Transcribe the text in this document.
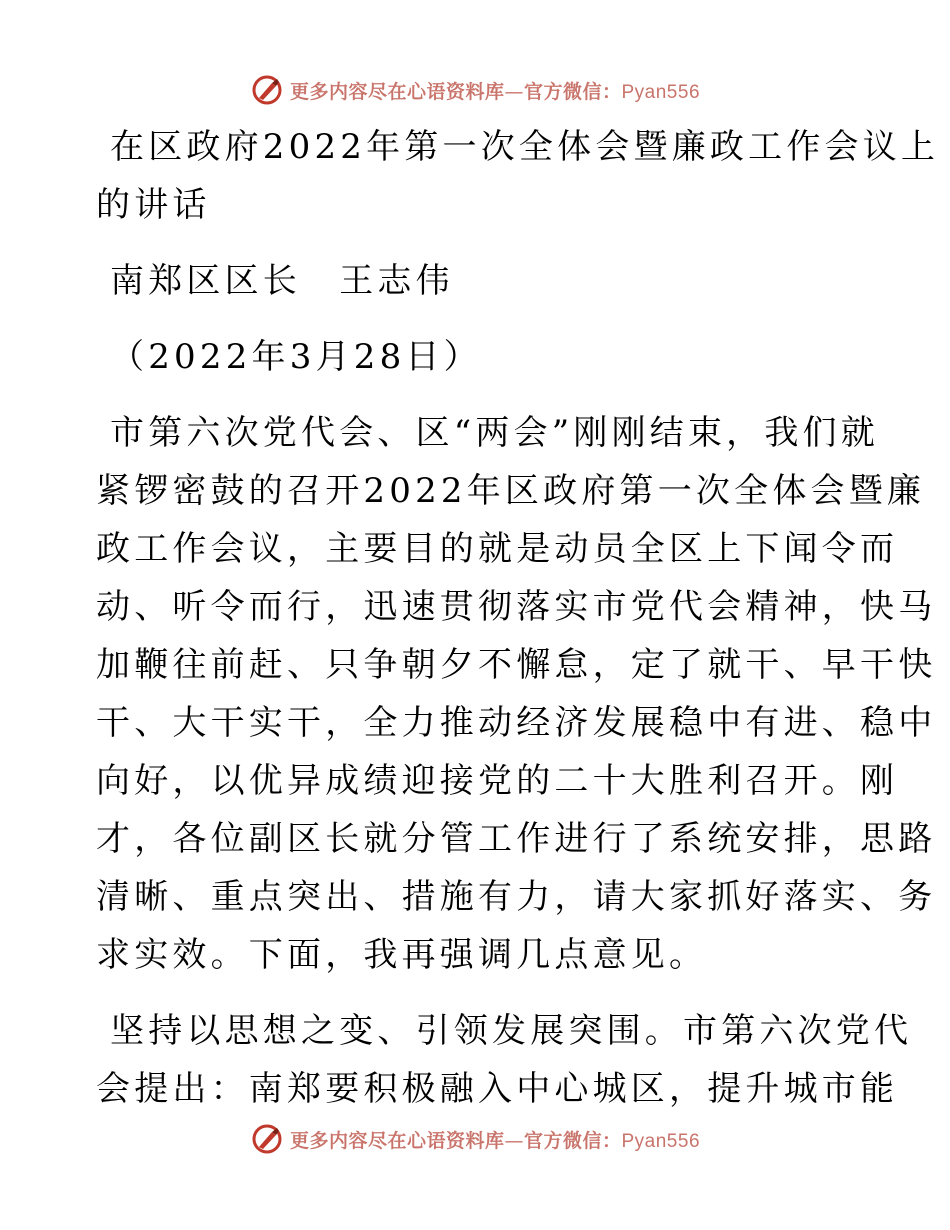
更多内容尽在心语资料库—官方微信：Pyan556

在区政府2022年第一次全体会暨廉政工作会议上

的讲话

南郑区区长　王志伟

（2022年3月28日）

市第六次党代会、区“两会”刚刚结束，我们就

紧锣密鼓的召开2022年区政府第一次全体会暨廉

政工作会议，主要目的就是动员全区上下闻令而

动、听令而行，迅速贯彻落实市党代会精神，快马

加鞭往前赶、只争朝夕不懈怠，定了就干、早干快

干、大干实干，全力推动经济发展稳中有进、稳中

向好，以优异成绩迎接党的二十大胜利召开。刚

才，各位副区长就分管工作进行了系统安排，思路

清晰、重点突出、措施有力，请大家抓好落实、务

求实效。下面，我再强调几点意见。

坚持以思想之变、引领发展突围。市第六次党代

会提出：南郑要积极融入中心城区，提升城市能

更多内容尽在心语资料库—官方微信：Pyan556
